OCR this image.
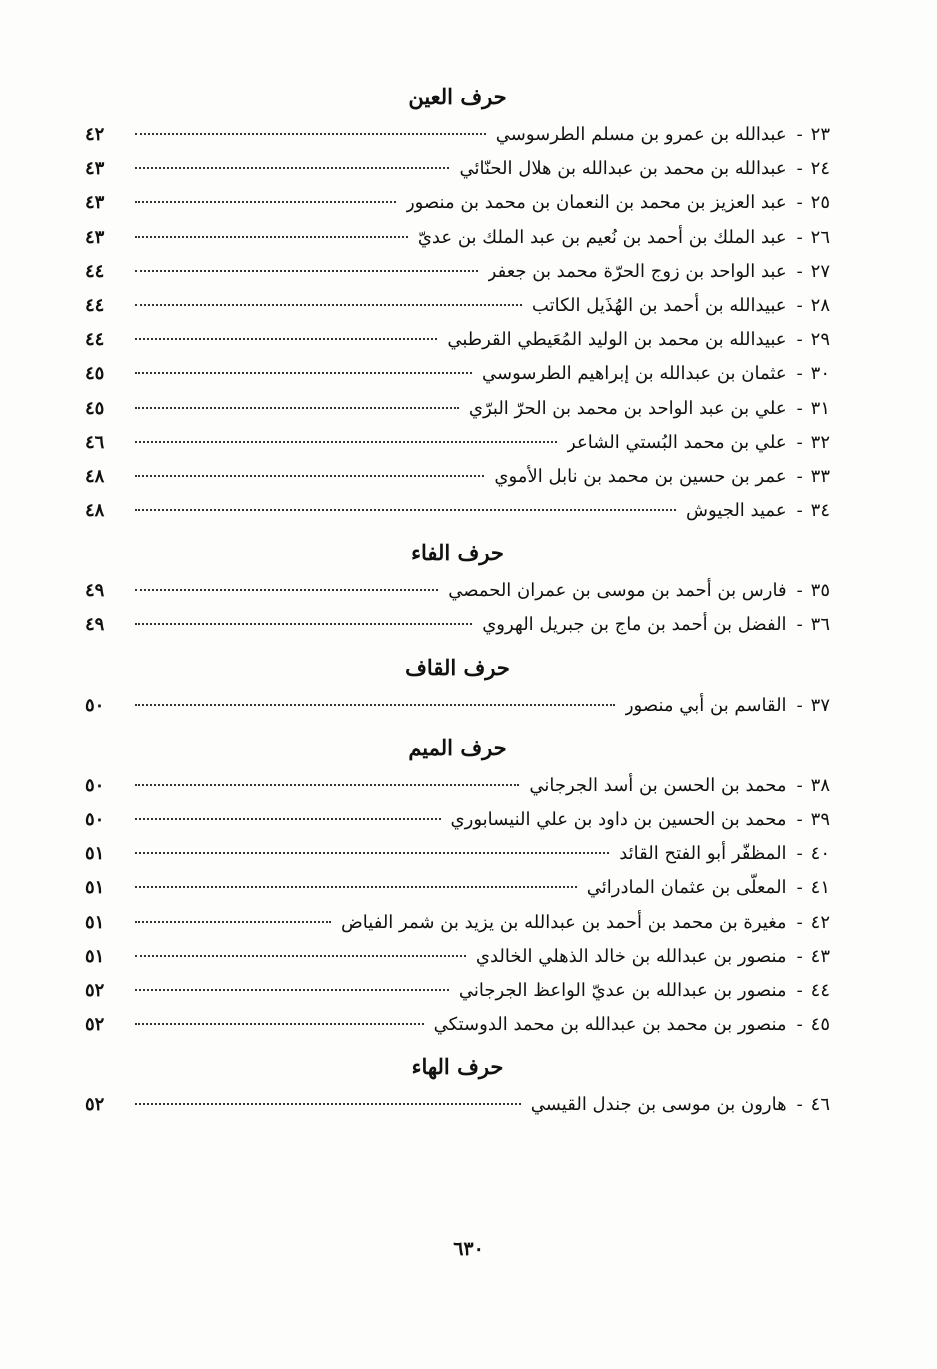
حرف العين
٢٣
-
عبدالله بن عمرو بن مسلم الطرسوسي
٤٢
٢٤
-
عبدالله بن محمد بن عبدالله بن هلال الحنّائي
٤٣
٢٥
-
عبد العزيز بن محمد بن النعمان بن محمد بن منصور
٤٣
٢٦
-
عبد الملك بن أحمد بن نُعيم بن عبد الملك بن عديّ
٤٣
٢٧
-
عبد الواحد بن زوج الحرّة محمد بن جعفر
٤٤
٢٨
-
عبيدالله بن أحمد بن الهُذَيل الكاتب
٤٤
٢٩
-
عبيدالله بن محمد بن الوليد المُعَيطي القرطبي
٤٤
٣٠
-
عثمان بن عبدالله بن إبراهيم الطرسوسي
٤٥
٣١
-
علي بن عبد الواحد بن محمد بن الحرّ البرّي
٤٥
٣٢
-
علي بن محمد البُستي الشاعر
٤٦
٣٣
-
عمر بن حسين بن محمد بن نابل الأموي
٤٨
٣٤
-
عميد الجيوش
٤٨
حرف الفاء
٣٥
-
فارس بن أحمد بن موسى بن عمران الحمصي
٤٩
٣٦
-
الفضل بن أحمد بن ماج بن جبريل الهروي
٤٩
حرف القاف
٣٧
-
القاسم بن أبي منصور
٥٠
حرف الميم
٣٨
-
محمد بن الحسن بن أسد الجرجاني
٥٠
٣٩
-
محمد بن الحسين بن داود بن علي النيسابوري
٥٠
٤٠
-
المظفّر أبو الفتح القائد
٥١
٤١
-
المعلّى بن عثمان المادرائي
٥١
٤٢
-
مغيرة بن محمد بن أحمد بن عبدالله بن يزيد بن شمر الفياض
٥١
٤٣
-
منصور بن عبدالله بن خالد الذهلي الخالدي
٥١
٤٤
-
منصور بن عبدالله بن عديّ الواعظ الجرجاني
٥٢
٤٥
-
منصور بن محمد بن عبدالله بن محمد الدوستكي
٥٢
حرف الهاء
٤٦
-
هارون بن موسى بن جندل القيسي
٥٢
٦٣٠
